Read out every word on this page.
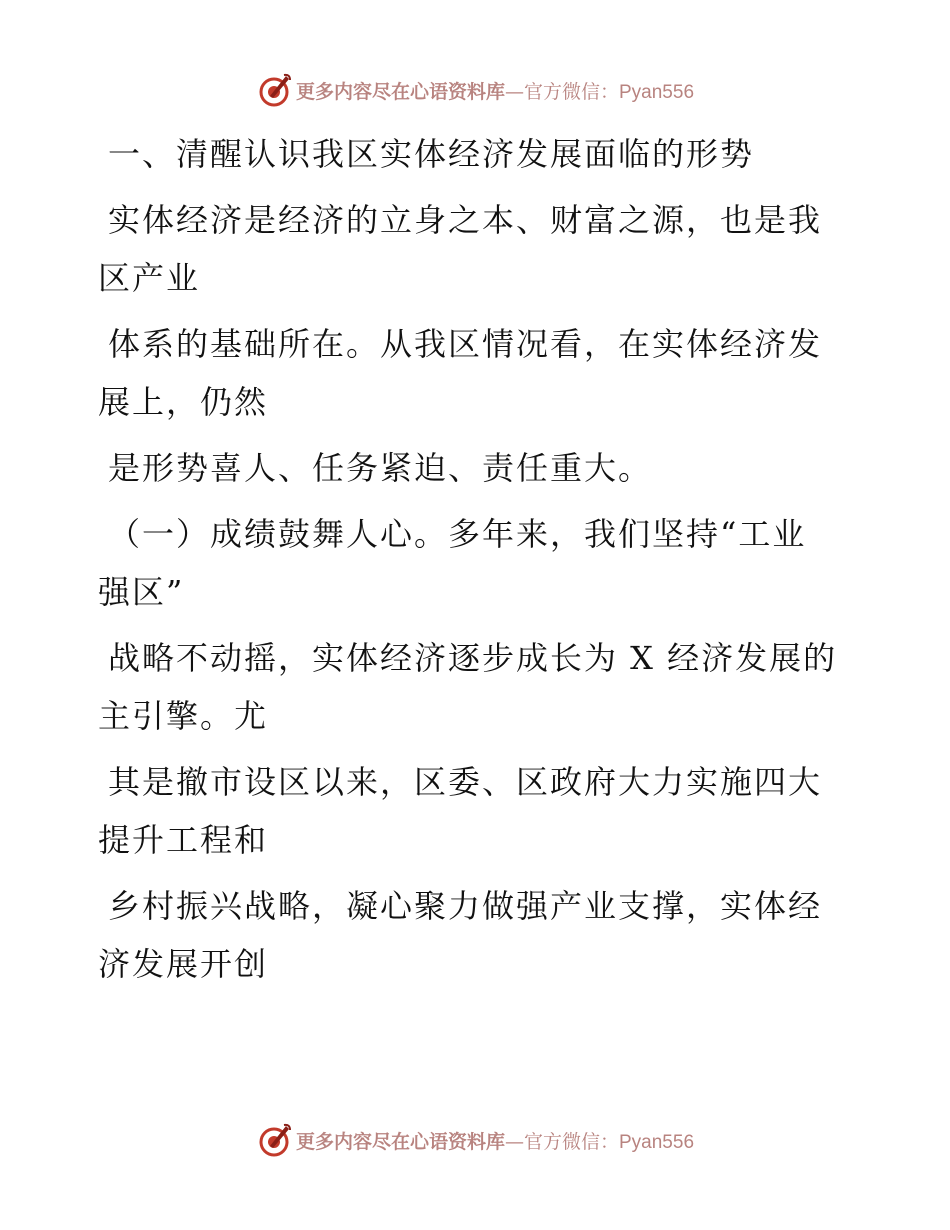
更多内容尽在心语资料库—官方微信：Pyan556

一、清醒认识我区实体经济发展面临的形势

实体经济是经济的立身之本、财富之源，也是我

区产业

体系的基础所在。从我区情况看，在实体经济发

展上，仍然

是形势喜人、任务紧迫、责任重大。

（一）成绩鼓舞人心。多年来，我们坚持“工业

强区”

战略不动摇，实体经济逐步成长为 X 经济发展的

主引擎。尤

其是撤市设区以来，区委、区政府大力实施四大

提升工程和

乡村振兴战略，凝心聚力做强产业支撑，实体经

济发展开创

更多内容尽在心语资料库—官方微信：Pyan556
